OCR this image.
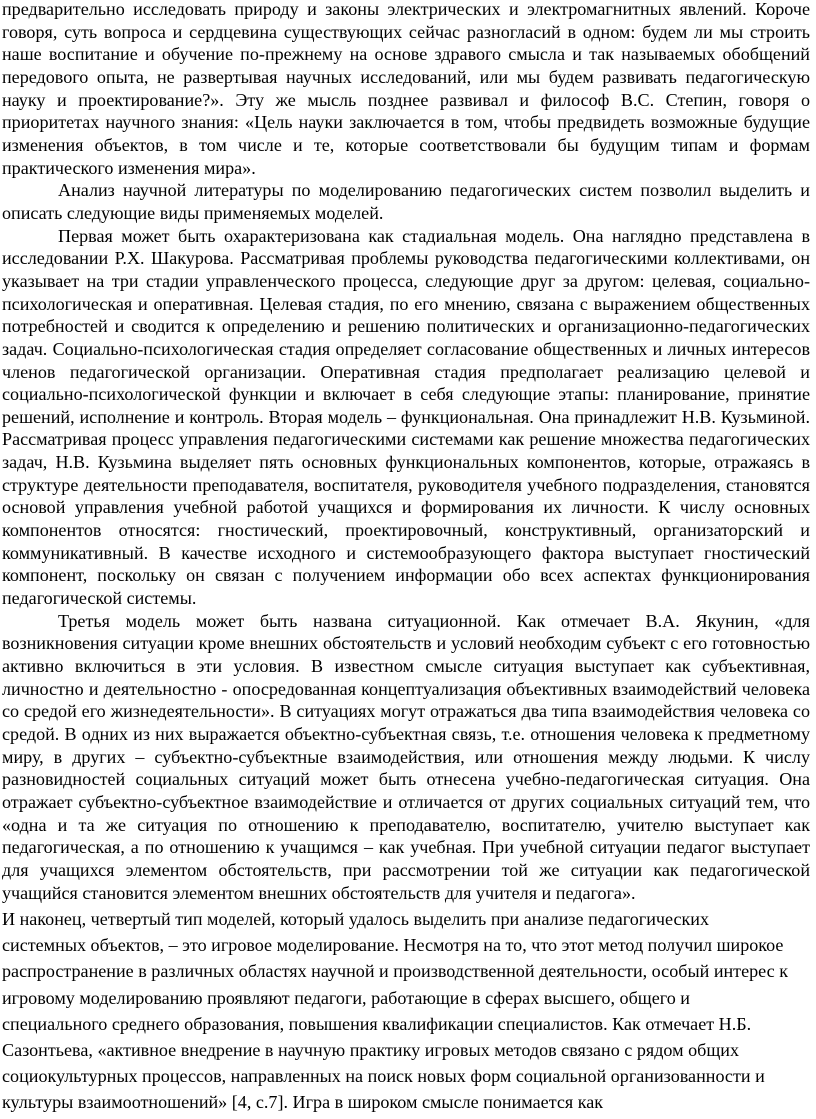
предварительно исследовать природу и законы электрических и электромагнитных явлений. Короче говоря, суть вопроса и сердцевина существующих сейчас разногласий в одном: будем ли мы строить наше воспитание и обучение по-прежнему на основе здравого смысла и так называемых обобщений передового опыта, не развертывая научных исследований, или мы будем развивать педагогическую науку и проектирование?». Эту же мысль позднее развивал и философ В.С. Степин, говоря о приоритетах научного знания: «Цель науки заключается в том, чтобы предвидеть возможные будущие изменения объектов, в том числе и те, которые соответствовали бы будущим типам и формам практического изменения мира».

Анализ научной литературы по моделированию педагогических систем позволил выделить и описать следующие виды применяемых моделей.

Первая может быть охарактеризована как стадиальная модель. Она наглядно представлена в исследовании Р.Х. Шакурова. Рассматривая проблемы руководства педагогическими коллективами, он указывает на три стадии управленческого процесса, следующие друг за другом: целевая, социально-психологическая и оперативная. Целевая стадия, по его мнению, связана с выражением общественных потребностей и сводится к определению и решению политических и организационно-педагогических задач. Социально-психологическая стадия определяет согласование общественных и личных интересов членов педагогической организации. Оперативная стадия предполагает реализацию целевой и социально-психологической функции и включает в себя следующие этапы: планирование, принятие решений, исполнение и контроль. Вторая модель – функциональная. Она принадлежит Н.В. Кузьминой. Рассматривая процесс управления педагогическими системами как решение множества педагогических задач, Н.В. Кузьмина выделяет пять основных функциональных компонентов, которые, отражаясь в структуре деятельности преподавателя, воспитателя, руководителя учебного подразделения, становятся основой управления учебной работой учащихся и формирования их личности. К числу основных компонентов относятся: гностический, проектировочный, конструктивный, организаторский и коммуникативный. В качестве исходного и системообразующего фактора выступает гностический компонент, поскольку он связан с получением информации обо всех аспектах функционирования педагогической системы.

Третья модель может быть названа ситуационной. Как отмечает В.А. Якунин, «для возникновения ситуации кроме внешних обстоятельств и условий необходим субъект с его готовностью активно включиться в эти условия. В известном смысле ситуация выступает как субъективная, личностно и деятельностно - опосредованная концептуализация объективных взаимодействий человека со средой его жизнедеятельности». В ситуациях могут отражаться два типа взаимодействия человека со средой. В одних из них выражается объектно-субъектная связь, т.е. отношения человека к предметному миру, в других – субъектно-субъектные взаимодействия, или отношения между людьми. К числу разновидностей социальных ситуаций может быть отнесена учебно-педагогическая ситуация. Она отражает субъектно-субъектное взаимодействие и отличается от других социальных ситуаций тем, что «одна и та же ситуация по отношению к преподавателю, воспитателю, учителю выступает как педагогическая, а по отношению к учащимся – как учебная. При учебной ситуации педагог выступает для учащихся элементом обстоятельств, при рассмотрении той же ситуации как педагогической учащийся становится элементом внешних обстоятельств для учителя и педагога».

И наконец, четвертый тип моделей, который удалось выделить при анализе педагогических системных объектов, – это игровое моделирование. Несмотря на то, что этот метод получил широкое распространение в различных областях научной и производственной деятельности, особый интерес к игровому моделированию проявляют педагоги, работающие в сферах высшего, общего и специального среднего образования, повышения квалификации специалистов. Как отмечает Н.Б. Сазонтьева, «активное внедрение в научную практику игровых методов связано с рядом общих социокультурных процессов, направленных на поиск новых форм социальной организованности и культуры взаимоотношений» [4, с.7]. Игра в широком смысле понимается как
